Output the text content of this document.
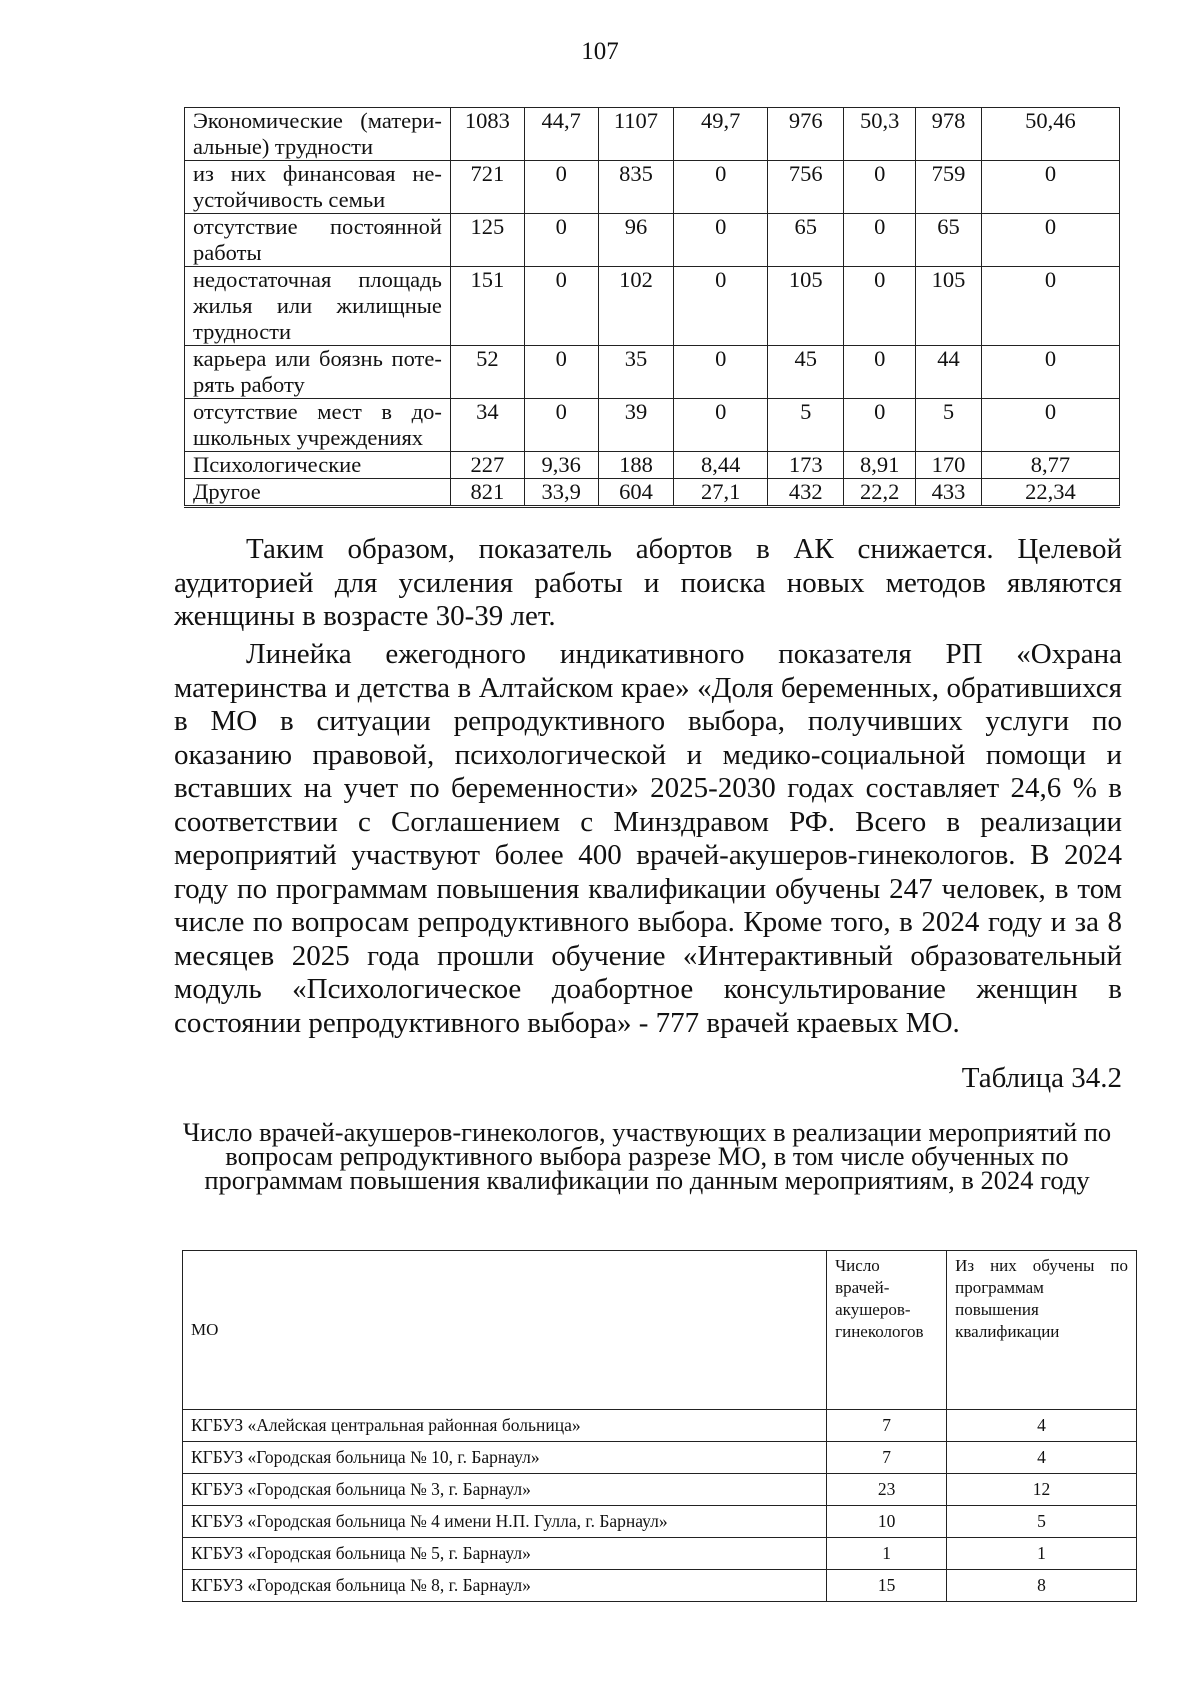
107
Экономические (матери-альные) трудности	1083	44,7	1107	49,7	976	50,3	978	50,46	
из них финансовая не-устойчивость семьи	721	0	835	0	756	0	759	0	
отсутствие постоянной работы	125	0	96	0	65	0	65	0	
недостаточная площадь жилья или жилищные трудности	151	0	102	0	105	0	105	0	
карьера или боязнь поте-рять работу	52	0	35	0	45	0	44	0	
отсутствие мест в до-школьных учреждениях	34	0	39	0	5	0	5	0	
Психологические	227	9,36	188	8,44	173	8,91	170	8,77	
Другое	821	33,9	604	27,1	432	22,2	433	22,34	

Таким образом, показатель абортов в АК снижается. Целевой аудиторией для усиления работы и поиска новых методов являются женщины в возрасте 30-39 лет.

Линейка ежегодного индикативного показателя РП «Охрана материнства и детства в Алтайском крае» «Доля беременных, обратившихся в МО в ситуации репродуктивного выбора, получивших услуги по оказанию правовой, психологической и медико-социальной помощи и вставших на учет по беременности» 2025-2030 годах составляет 24,6 % в соответствии с Соглашением с Минздравом РФ. Всего в реализации мероприятий участвуют более 400 врачей-акушеров-гинекологов. В 2024 году по программам повышения квалификации обучены 247 человек, в том числе по вопросам репродуктивного выбора. Кроме того, в 2024 году и за 8 месяцев 2025 года прошли обучение «Интерактивный образовательный модуль «Психологическое доабортное консультирование женщин в состоянии репродуктивного выбора» - 777 врачей краевых МО.

Таблица 34.2

Число врачей-акушеров-гинекологов, участвующих в реализации мероприятий по вопросам репродуктивного выбора разрезе МО, в том числе обученных по программам повышения квалификации по данным мероприятиям, в 2024 году

МО	Число врачей-акушеров-гинекологов	Из них обучены по программам повышения квалификации
КГБУЗ «Алейская центральная районная больница»	7	4
КГБУЗ «Городская больница № 10, г. Барнаул»	7	4
КГБУЗ «Городская больница № 3, г. Барнаул»	23	12
КГБУЗ «Городская больница № 4 имени Н.П. Гулла, г. Барнаул»	10	5
КГБУЗ «Городская больница № 5, г. Барнаул»	1	1
КГБУЗ «Городская больница № 8, г. Барнаул»	15	8
